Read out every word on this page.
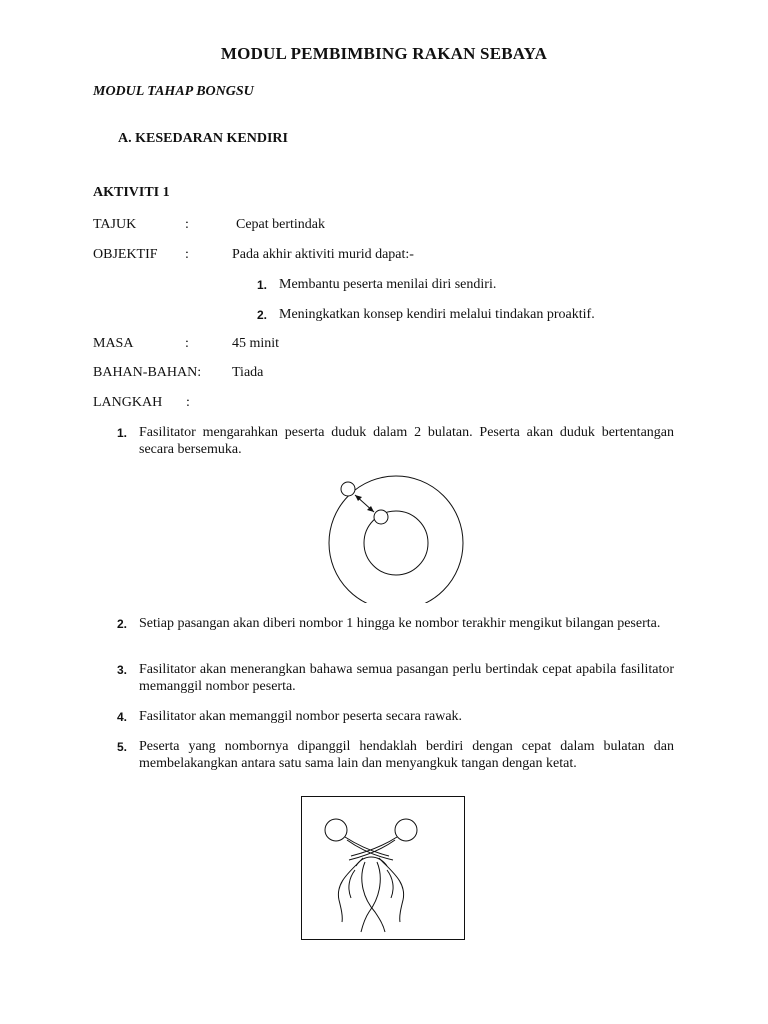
MODUL PEMBIMBING RAKAN SEBAYA
MODUL TAHAP BONGSU
A. KESEDARAN KENDIRI
AKTIVITI 1
TAJUK	:	Cepat bertindak
OBJEKTIF :	Pada akhir aktiviti murid dapat:-
1. Membantu peserta menilai diri sendiri.
2. Meningkatkan konsep kendiri melalui tindakan proaktif.
MASA	:	45 minit
BAHAN-BAHAN: Tiada
LANGKAH :
1. Fasilitator mengarahkan peserta duduk dalam 2 bulatan. Peserta akan duduk bertentangan secara bersemuka.
2. Setiap pasangan akan diberi nombor 1 hingga ke nombor terakhir mengikut bilangan peserta.
3. Fasilitator akan menerangkan bahawa semua pasangan perlu bertindak cepat apabila fasilitator memanggil nombor peserta.
4. Fasilitator akan memanggil nombor peserta secara rawak.
5. Peserta yang nombornya dipanggil hendaklah berdiri dengan cepat dalam bulatan dan membelakangkan antara satu sama lain dan menyangkuk tangan dengan ketat.
